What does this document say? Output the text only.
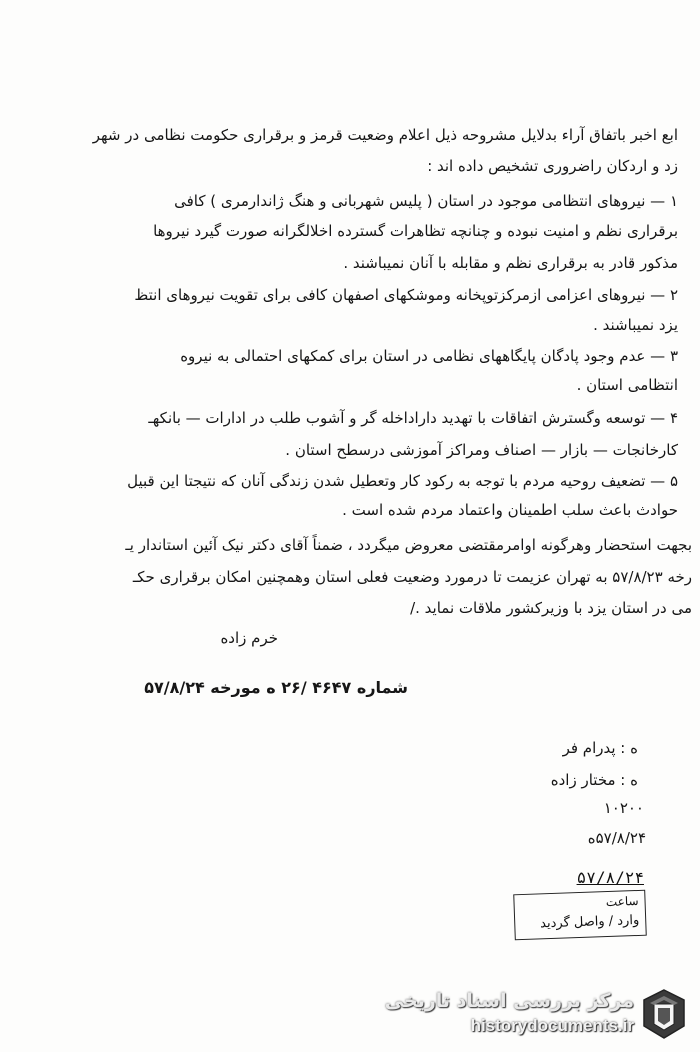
ابع اخبر باتفاق آراء بدلایل مشروحه ذیل اعلام وضعیت قرمز و برقراری حکومت نظامی در شهر
زد و اردکان راضروری تشخیص داده اند :
۱ — نیروهای انتظامی موجود در استان ( پلیس شهربانی و هنگ ژاندارمری ) کافی
برقراری نظم و امنیت نبوده و چنانچه تظاهرات گسترده اخلالگرانه صورت گیرد نیروها
مذکور قادر به برقراری نظم و مقابله با آنان نمیباشند .
۲ — نیروهای اعزامی ازمرکزتوپخانه وموشکهای اصفهان کافی برای تقویت نیروهای انتظ
یزد نمیباشند .
۳ — عدم وجود پادگان پایگاههای نظامی در استان برای کمکهای احتمالی به نیروه
انتظامی استان .
۴ — توسعه وگسترش اتفاقات با تهدید داراداخله گر و آشوب طلب در ادارات — بانکهـ
کارخانجات — بازار — اصناف ومراکز آموزشی درسطح استان .
۵ — تضعیف روحیه مردم با توجه به رکود کار وتعطیل شدن زندگی آنان که نتیجتا این قبیل
حوادث باعث سلب اطمینان واعتماد مردم شده است .
بجهت استحضار وهرگونه اوامرمقتضی معروض میگردد ، ضمناً آقای دکتر نیک آئین استاندار یـ
رخه ۵۷/۸/۲۳ به تهران عزیمت تا درمورد وضعیت فعلی استان وهمچنین امکان برقراری حکـ
می در استان یزد با وزیرکشور ملاقات نماید ./
خرم زاده
شماره ۴۶۴۷ /۲۶ ه مورخه ۵۷/۸/۲۴
ه : پدرام فر
ه : مختار زاده
۱۰۲۰۰
۵۷/۸/۲۴ه
۵۷/۸/۲۴
ساعت
وارد / واصل گردید
مرکز بررسی اسناد تاریخی
historydocuments.ir
